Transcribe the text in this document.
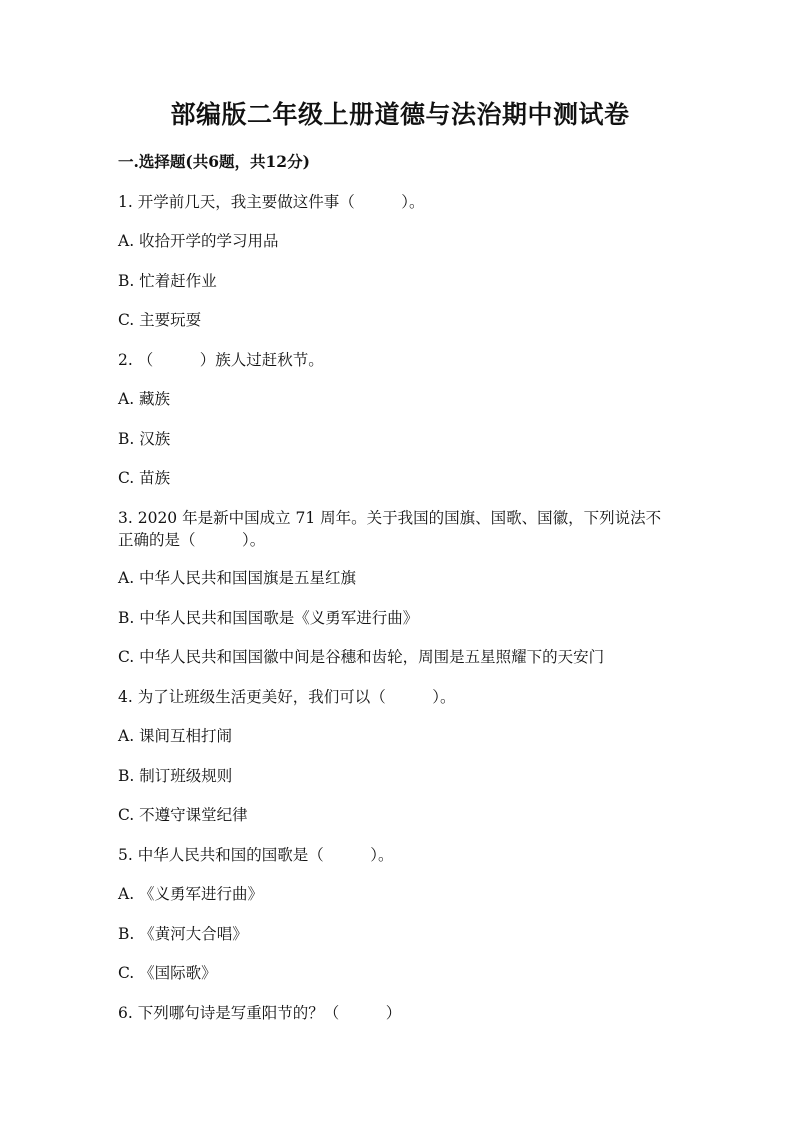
部编版二年级上册道德与法治期中测试卷
一.选择题(共6题，共12分)
1. 开学前几天，我主要做这件事（　　　）。
A. 收拾开学的学习用品
B. 忙着赶作业
C. 主要玩耍
2. （　　　）族人过赶秋节。
A. 藏族
B. 汉族
C. 苗族
3. 2020 年是新中国成立 71 周年。关于我国的国旗、国歌、国徽，下列说法不
正确的是（　　　）。
A. 中华人民共和国国旗是五星红旗
B. 中华人民共和国国歌是《义勇军进行曲》
C. 中华人民共和国国徽中间是谷穗和齿轮，周围是五星照耀下的天安门
4. 为了让班级生活更美好，我们可以（　　　）。
A. 课间互相打闹
B. 制订班级规则
C. 不遵守课堂纪律
5. 中华人民共和国的国歌是（　　　）。
A. 《义勇军进行曲》
B. 《黄河大合唱》
C. 《国际歌》
6. 下列哪句诗是写重阳节的？（　　　）
